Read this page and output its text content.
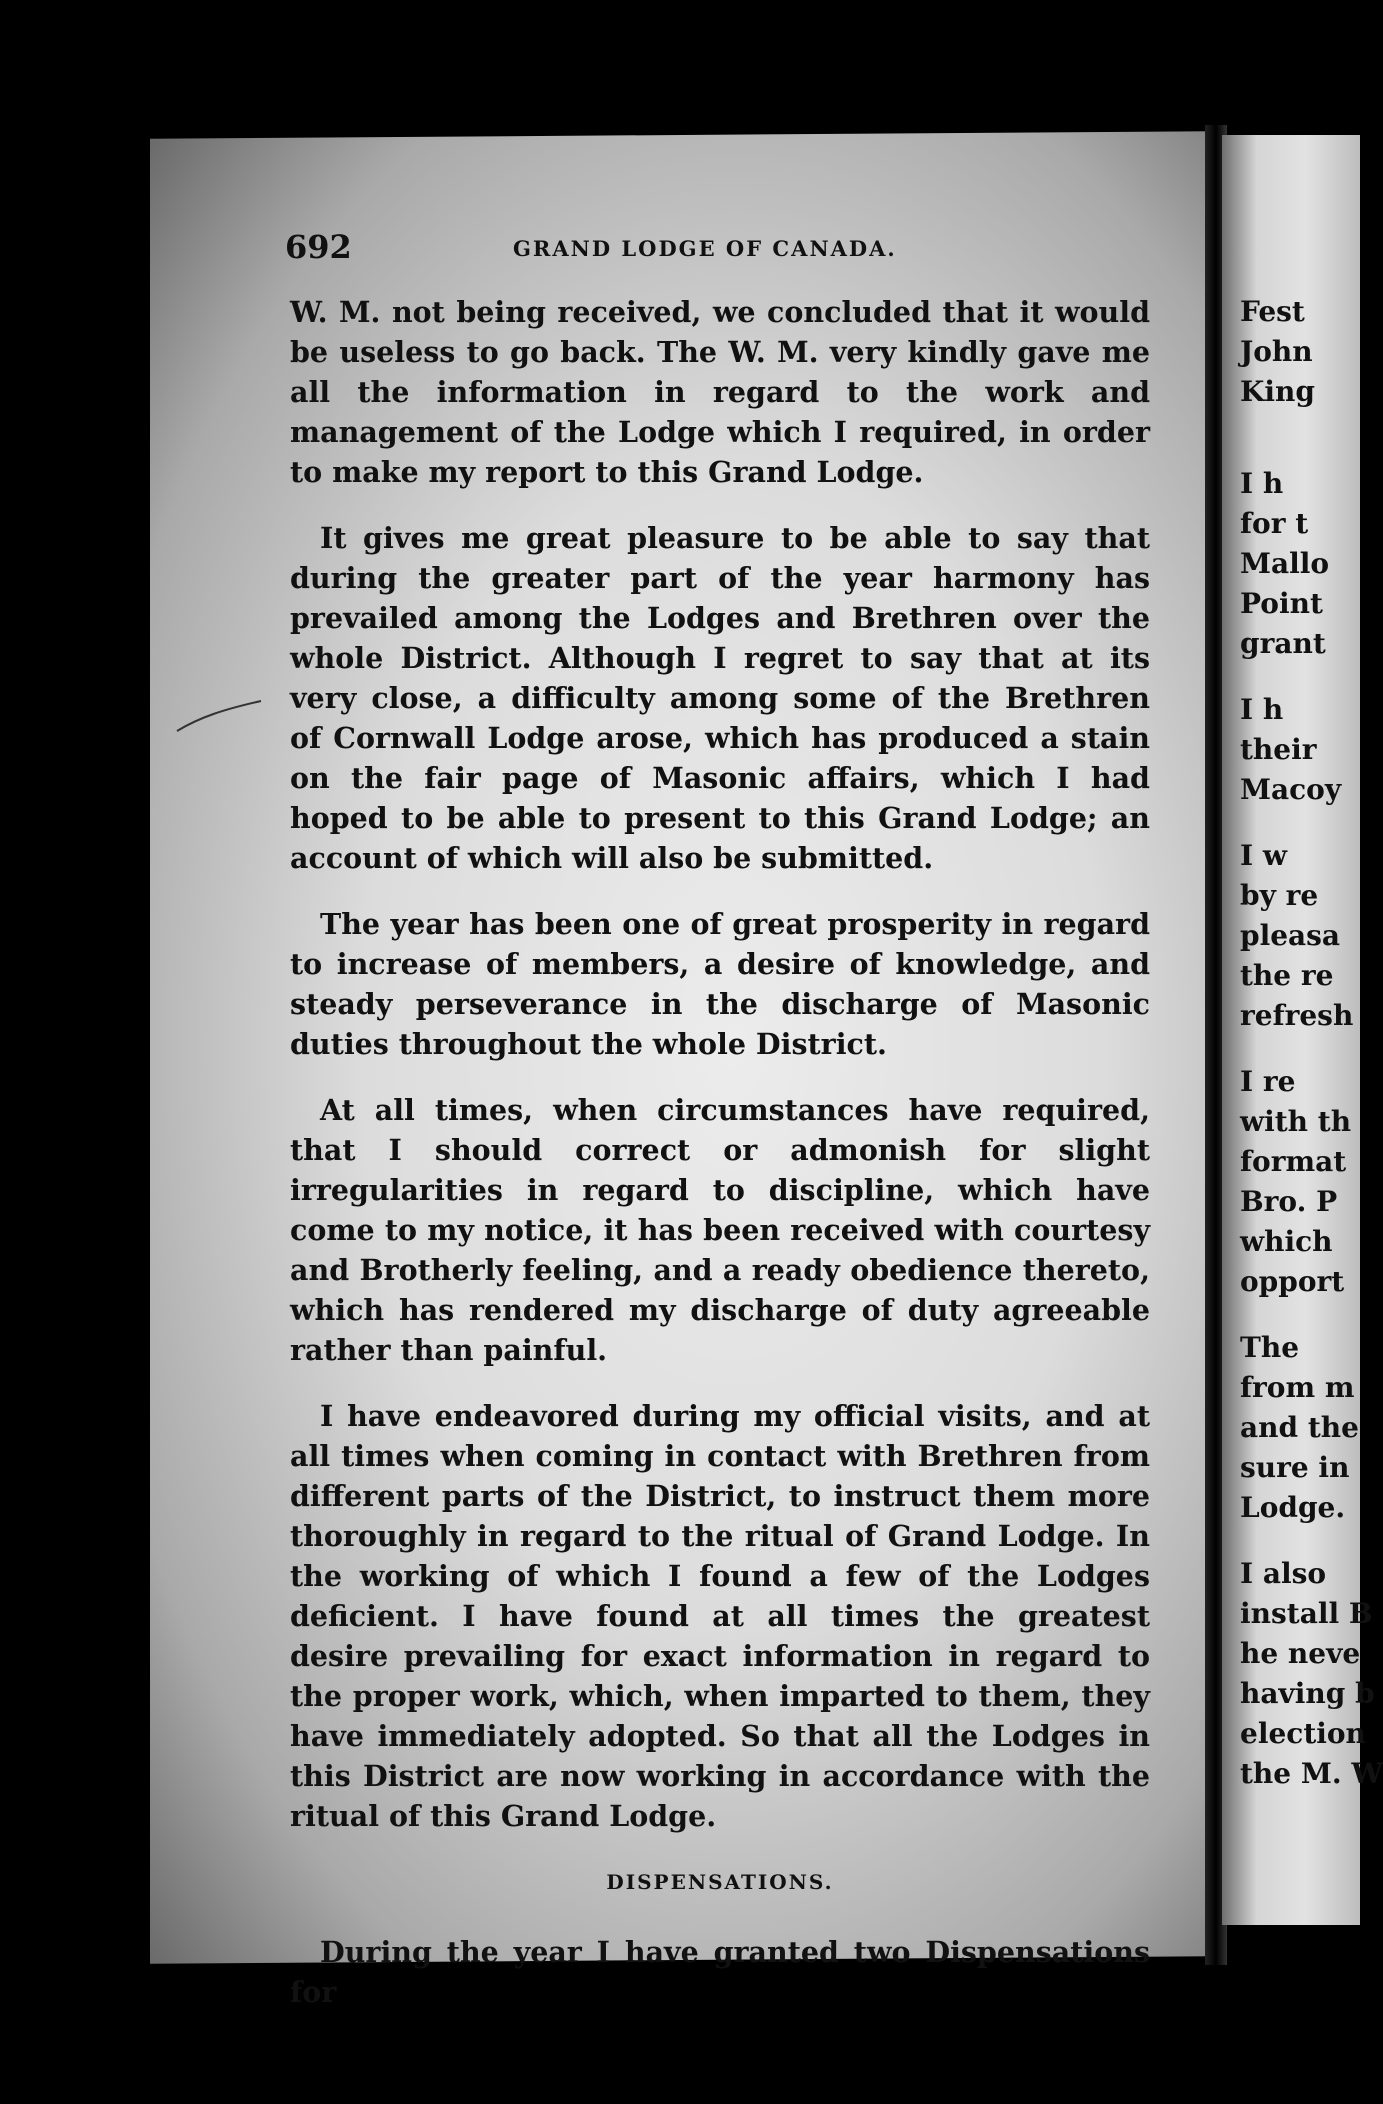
692	GRAND LODGE OF CANADA.

W. M. not being received, we concluded that it would be useless to go back. The W. M. very kindly gave me all the information in regard to the work and management of the Lodge which I required, in order to make my report to this Grand Lodge.

It gives me great pleasure to be able to say that during the greater part of the year harmony has prevailed among the Lodges and Brethren over the whole District. Although I regret to say that at its very close, a difficulty among some of the Brethren of Cornwall Lodge arose, which has produced a stain on the fair page of Masonic affairs, which I had hoped to be able to present to this Grand Lodge; an account of which will also be submitted.

The year has been one of great prosperity in regard to increase of members, a desire of knowledge, and steady perseverance in the discharge of Masonic duties throughout the whole District.

At all times, when circumstances have required, that I should correct or admonish for slight irregularities in regard to discipline, which have come to my notice, it has been received with courtesy and Brotherly feeling, and a ready obedience thereto, which has rendered my discharge of duty agreeable rather than painful.

I have endeavored during my official visits, and at all times when coming in contact with Brethren from different parts of the District, to instruct them more thoroughly in regard to the ritual of Grand Lodge. In the working of which I found a few of the Lodges deficient. I have found at all times the greatest desire prevailing for exact information in regard to the proper work, which, when imparted to them, they have immediately adopted. So that all the Lodges in this District are now working in accordance with the ritual of this Grand Lodge.

DISPENSATIONS.

During the year I have granted two Dispensations for

Fest
John
King
I h
for t
Mallo
Point
grant
I h
their
Macoy
I w
by re
pleasa
the re
refresh
I re
with th
format
Bro. P
which
opport
The
from m
and the
sure in
Lodge.
I also
install B
he neve
having b
election
the M. W
